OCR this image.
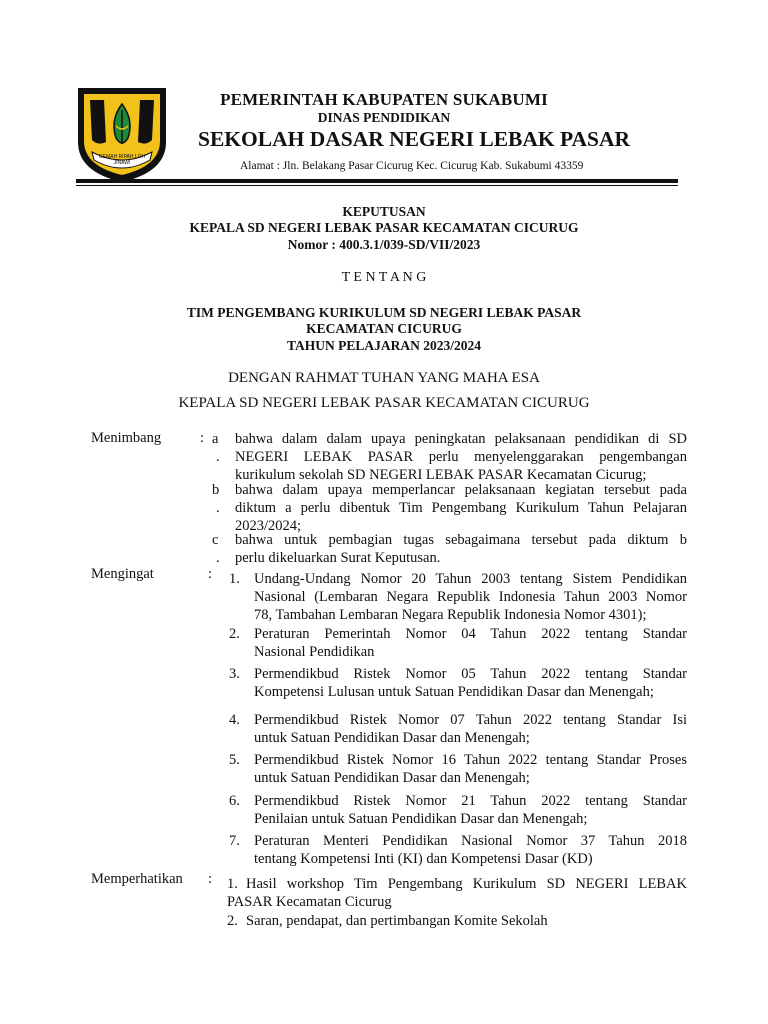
GEMAH RIPAH LOH JINAWI
PEMERINTAH KABUPATEN SUKABUMI
DINAS PENDIDIKAN
SEKOLAH DASAR NEGERI LEBAK PASAR
Alamat : Jln. Belakang Pasar Cicurug Kec. Cicurug Kab. Sukabumi 43359
KEPUTUSAN
KEPALA SD NEGERI LEBAK PASAR KECAMATAN CICURUG
Nomor : 400.3.1/039-SD/VII/2023
T E N T A N G
TIM PENGEMBANG KURIKULUM SD NEGERI LEBAK PASAR
KECAMATAN CICURUG
TAHUN PELAJARAN 2023/2024
DENGAN RAHMAT TUHAN YANG MAHA ESA
KEPALA SD NEGERI LEBAK PASAR KECAMATAN CICURUG
Menimbang	: a
.
bahwa dalam dalam upaya peningkatan pelaksanaan pendidikan di SD
NEGERI LEBAK PASAR perlu menyelenggarakan pengembangan
kurikulum sekolah SD NEGERI LEBAK PASAR Kecamatan Cicurug;
b
.
bahwa dalam upaya memperlancar pelaksanaan kegiatan tersebut pada
diktum a perlu dibentuk Tim Pengembang Kurikulum Tahun Pelajaran
2023/2024;
c
.
bahwa untuk pembagian tugas sebagaimana tersebut pada diktum b
perlu dikeluarkan Surat Keputusan.
Mengingat	: 1. Undang-Undang Nomor 20 Tahun 2003 tentang Sistem Pendidikan
Nasional (Lembaran Negara Republik Indonesia Tahun 2003 Nomor
78, Tambahan Lembaran Negara Republik Indonesia Nomor 4301);
2. Peraturan Pemerintah Nomor 04 Tahun 2022 tentang Standar
Nasional Pendidikan
3. Permendikbud Ristek Nomor 05 Tahun 2022 tentang Standar
Kompetensi Lulusan untuk Satuan Pendidikan Dasar dan Menengah;
4. Permendikbud Ristek Nomor 07 Tahun 2022 tentang Standar Isi
untuk Satuan Pendidikan Dasar dan Menengah;
5. Permendikbud Ristek Nomor 16 Tahun 2022 tentang Standar Proses
untuk Satuan Pendidikan Dasar dan Menengah;
6. Permendikbud Ristek Nomor 21 Tahun 2022 tentang Standar
Penilaian untuk Satuan Pendidikan Dasar dan Menengah;
7. Peraturan Menteri Pendidikan Nasional Nomor 37 Tahun 2018
tentang Kompetensi Inti (KI) dan Kompetensi Dasar (KD)
Memperhatikan : 1. Hasil workshop Tim Pengembang Kurikulum SD NEGERI LEBAK
PASAR Kecamatan Cicurug
2. Saran, pendapat, dan pertimbangan Komite Sekolah
